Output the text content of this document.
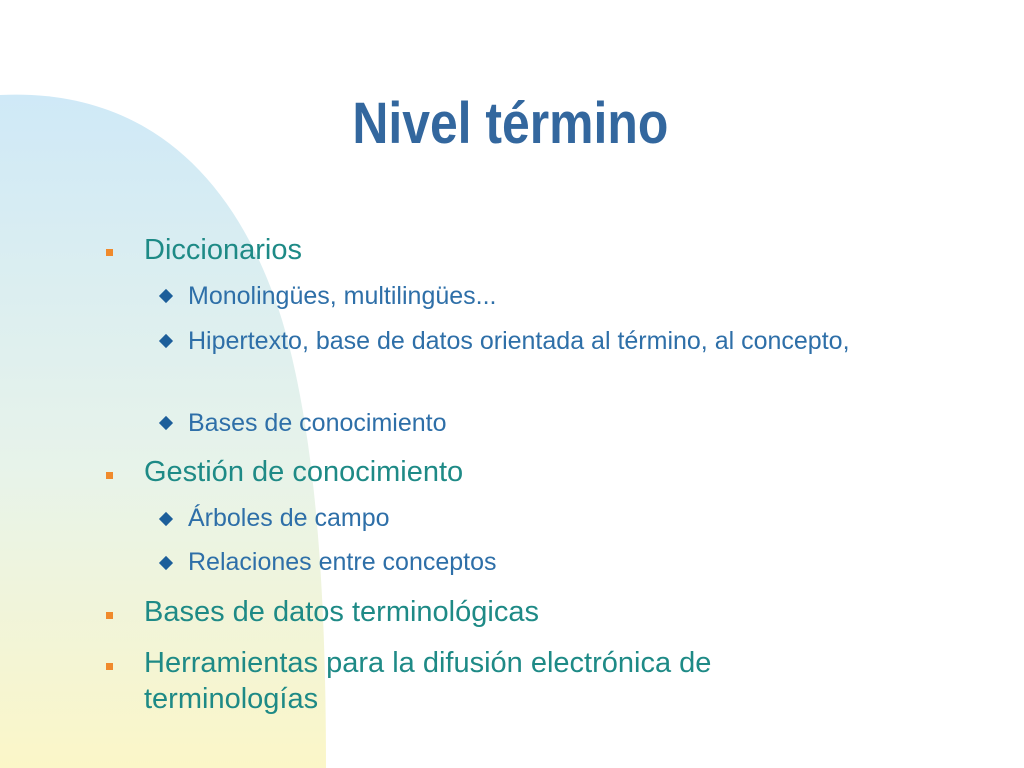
Nivel término
Diccionarios
Monolingües, multilingües...
Hipertexto, base de datos orientada al término, al concepto,
Bases de conocimiento
Gestión de conocimiento
Árboles de campo
Relaciones entre conceptos
Bases de datos terminológicas
Herramientas para la difusión electrónica de terminologías
